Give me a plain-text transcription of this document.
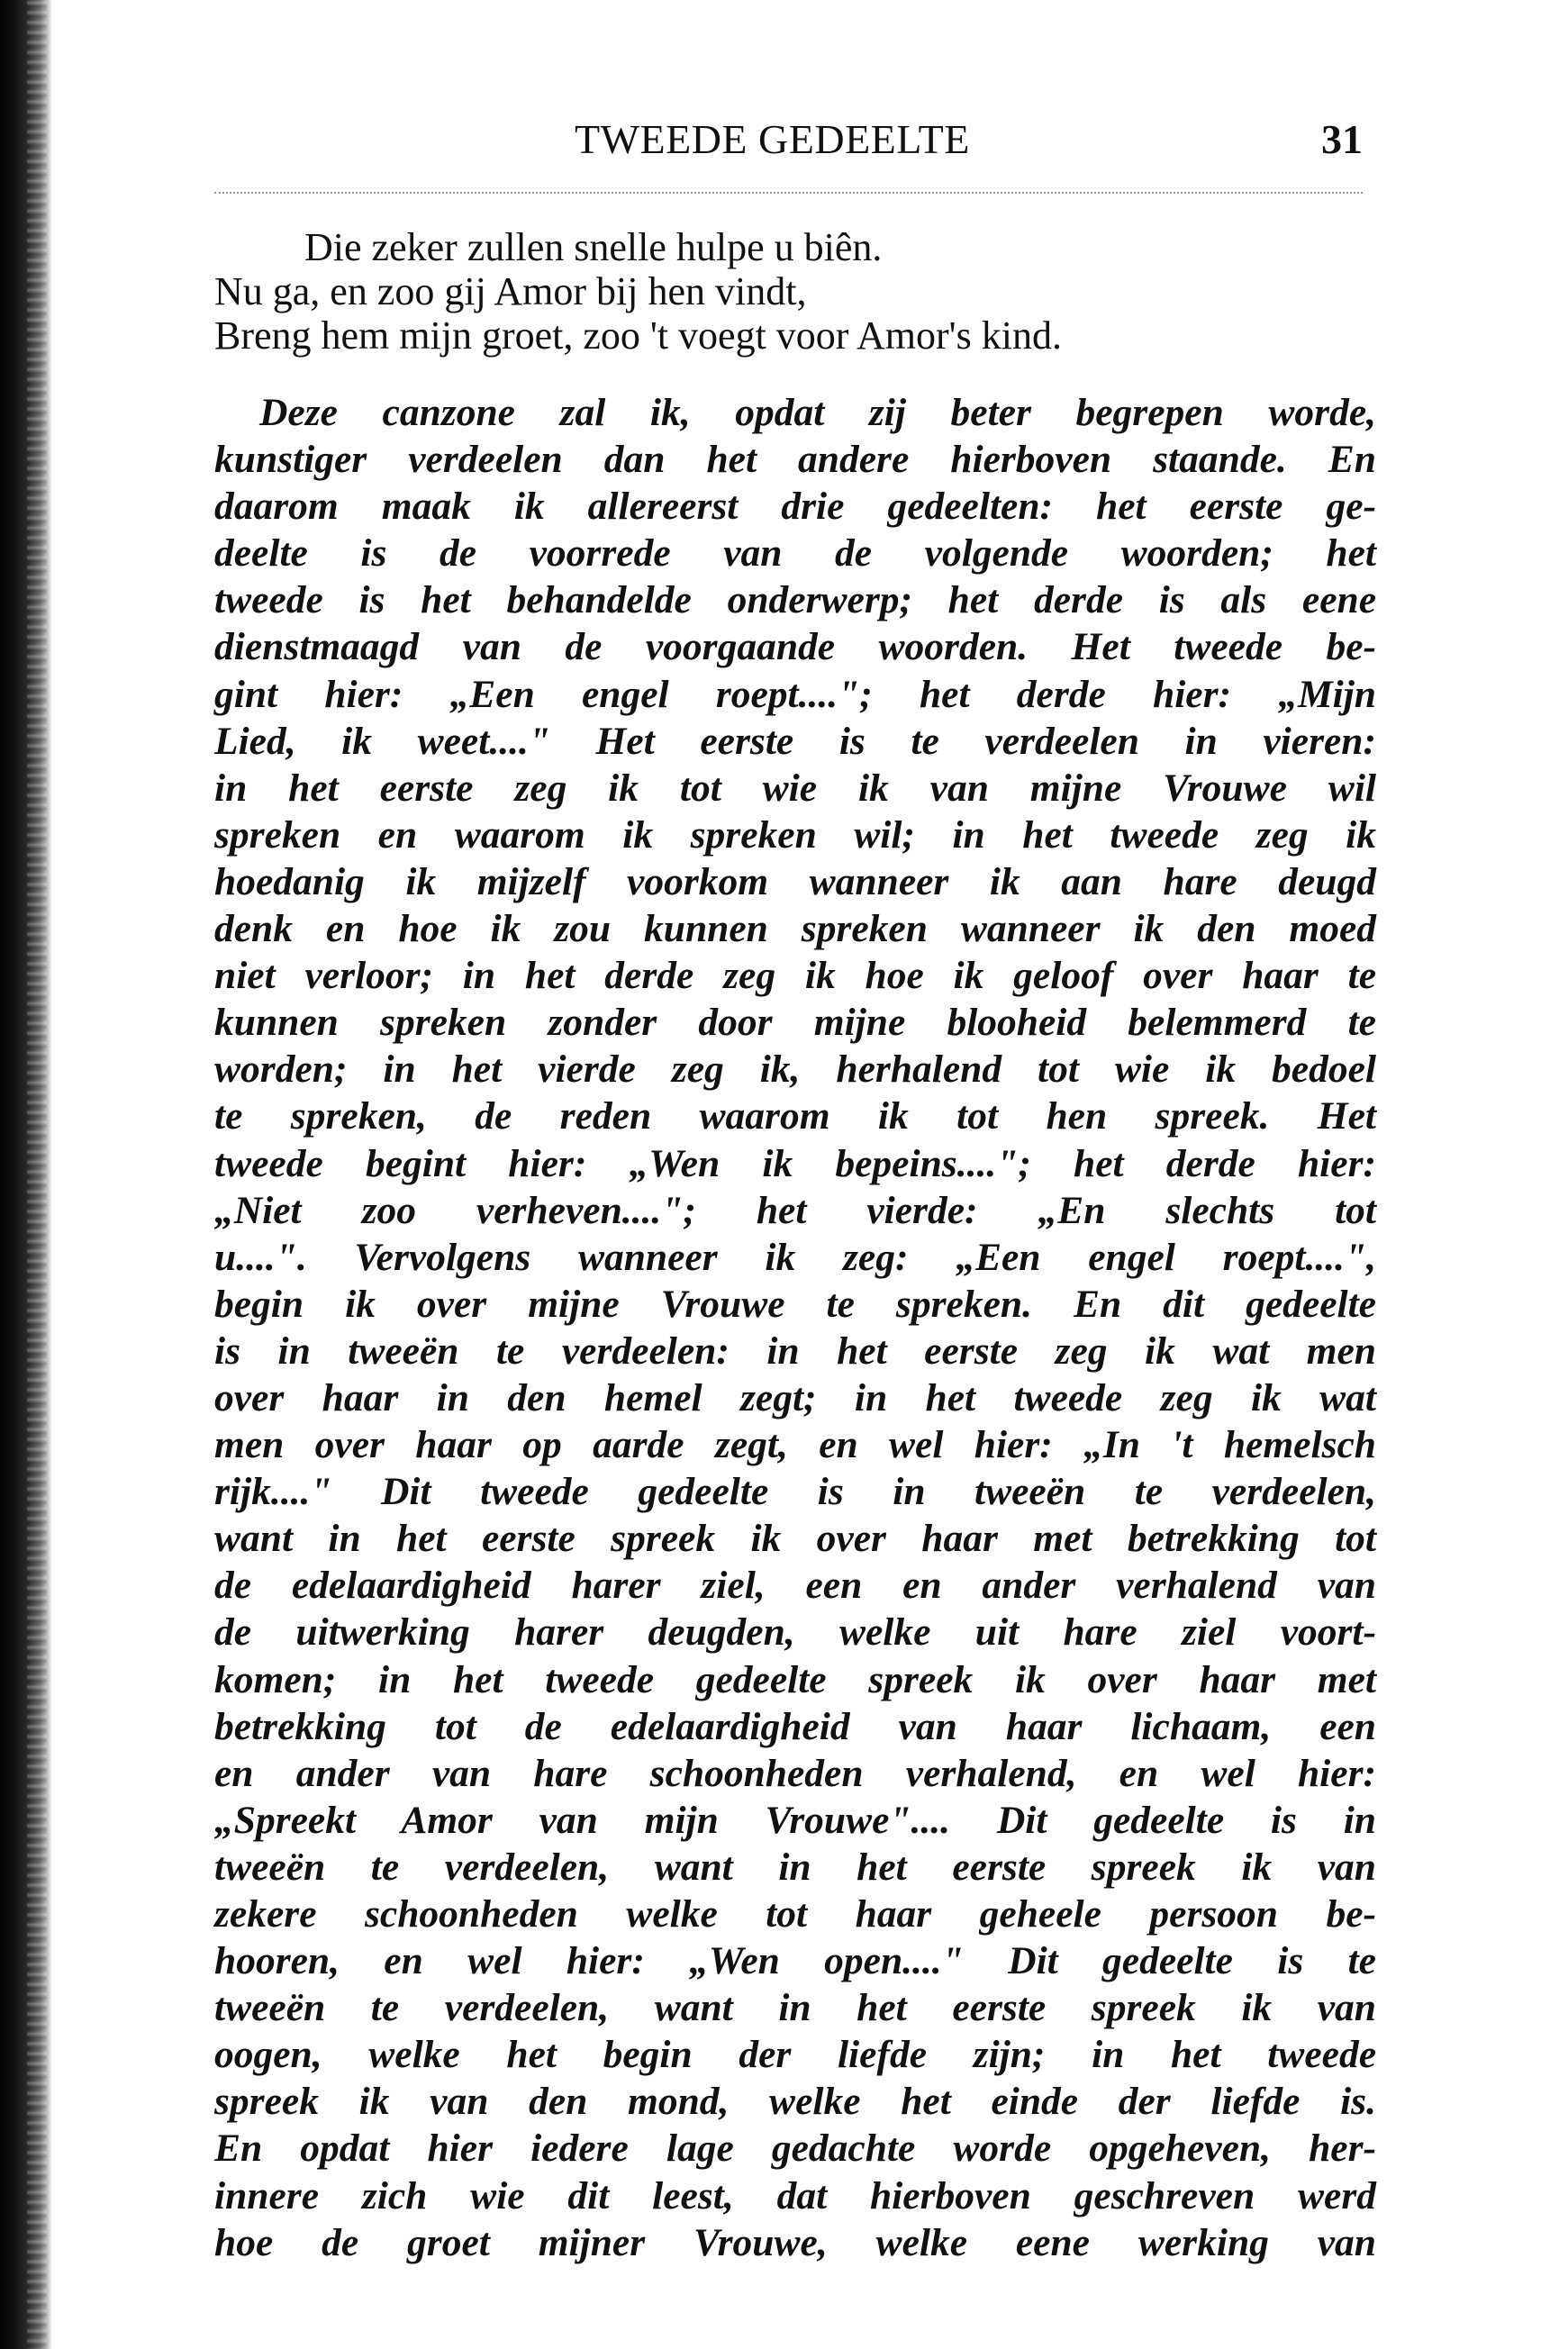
TWEEDE GEDEELTE	31
Die zeker zullen snelle hulpe u biên.
Nu ga, en zoo gij Amor bij hen vindt,
Breng hem mijn groet, zoo 't voegt voor Amor's kind.
Deze canzone zal ik, opdat zij beter begrepen worde,
kunstiger verdeelen dan het andere hierboven staande. En
daarom maak ik allereerst drie gedeelten: het eerste ge-
deelte is de voorrede van de volgende woorden; het
tweede is het behandelde onderwerp; het derde is als eene
dienstmaagd van de voorgaande woorden. Het tweede be-
gint hier: „Een engel roept...."; het derde hier: „Mijn
Lied, ik weet...." Het eerste is te verdeelen in vieren:
in het eerste zeg ik tot wie ik van mijne Vrouwe wil
spreken en waarom ik spreken wil; in het tweede zeg ik
hoedanig ik mijzelf voorkom wanneer ik aan hare deugd
denk en hoe ik zou kunnen spreken wanneer ik den moed
niet verloor; in het derde zeg ik hoe ik geloof over haar te
kunnen spreken zonder door mijne blooheid belemmerd te
worden; in het vierde zeg ik, herhalend tot wie ik bedoel
te spreken, de reden waarom ik tot hen spreek. Het
tweede begint hier: „Wen ik bepeins...."; het derde hier:
„Niet zoo verheven...."; het vierde: „En slechts tot
u....". Vervolgens wanneer ik zeg: „Een engel roept....",
begin ik over mijne Vrouwe te spreken. En dit gedeelte
is in tweeën te verdeelen: in het eerste zeg ik wat men
over haar in den hemel zegt; in het tweede zeg ik wat
men over haar op aarde zegt, en wel hier: „In 't hemelsch
rijk...." Dit tweede gedeelte is in tweeën te verdeelen,
want in het eerste spreek ik over haar met betrekking tot
de edelaardigheid harer ziel, een en ander verhalend van
de uitwerking harer deugden, welke uit hare ziel voort-
komen; in het tweede gedeelte spreek ik over haar met
betrekking tot de edelaardigheid van haar lichaam, een
en ander van hare schoonheden verhalend, en wel hier:
„Spreekt Amor van mijn Vrouwe".... Dit gedeelte is in
tweeën te verdeelen, want in het eerste spreek ik van
zekere schoonheden welke tot haar geheele persoon be-
hooren, en wel hier: „Wen open...." Dit gedeelte is te
tweeën te verdeelen, want in het eerste spreek ik van
oogen, welke het begin der liefde zijn; in het tweede
spreek ik van den mond, welke het einde der liefde is.
En opdat hier iedere lage gedachte worde opgeheven, her-
innere zich wie dit leest, dat hierboven geschreven werd
hoe de groet mijner Vrouwe, welke eene werking van
